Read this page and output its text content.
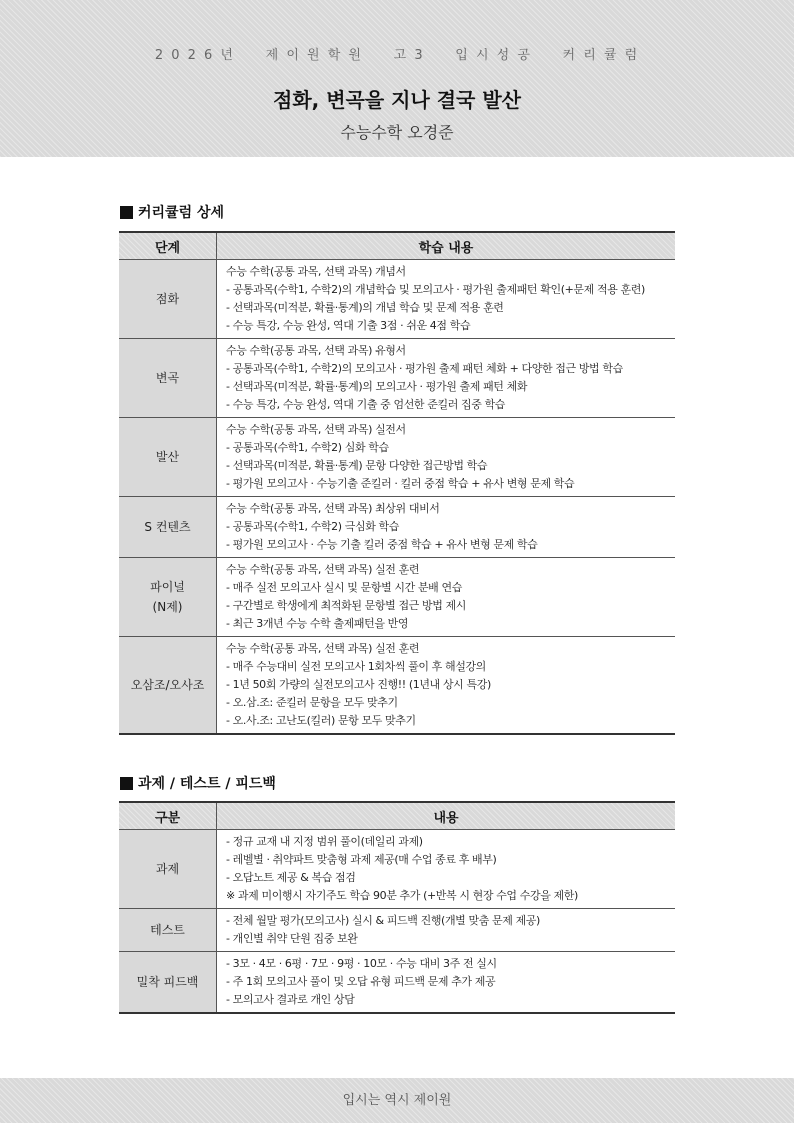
2 0 2 6 년     제 이 원 학 원     고 3     입 시 성 공     커 리 큘 럼
점화, 변곡을 지나 결국 발산
수능수학 오경준
커리큘럼 상세
단계	학습 내용
점화	수능 수학(공통 과목, 선택 과목) 개념서
- 공통과목(수학1, 수학2)의 개념학습 및 모의고사 · 평가원 출제패턴 확인(+문제 적용 훈련)
- 선택과목(미적분, 확률·통계)의 개념 학습 및 문제 적용 훈련
- 수능 특강, 수능 완성, 역대 기출 3점 · 쉬운 4점 학습

변곡	수능 수학(공통 과목, 선택 과목) 유형서
- 공통과목(수학1, 수학2)의 모의고사 · 평가원 출제 패턴 체화 + 다양한 접근 방법 학습
- 선택과목(미적분, 확률·통계)의 모의고사 · 평가원 출제 패턴 체화
- 수능 특강, 수능 완성, 역대 기출 중 엄선한 준킬러 집중 학습

발산	수능 수학(공통 과목, 선택 과목) 실전서
- 공통과목(수학1, 수학2) 심화 학습
- 선택과목(미적분, 확률·통계) 문항 다양한 접근방법 학습
- 평가원 모의고사 · 수능기출 준킬러 · 킬러 중점 학습 + 유사 변형 문제 학습

S 컨텐츠	수능 수학(공통 과목, 선택 과목) 최상위 대비서
- 공통과목(수학1, 수학2) 극심화 학습
- 평가원 모의고사 · 수능 기출 킬러 중점 학습 + 유사 변형 문제 학습

파이널
(N제)	수능 수학(공통 과목, 선택 과목) 실전 훈련
- 매주 실전 모의고사 실시 및 문항별 시간 분배 연습
- 구간별로 학생에게 최적화된 문항별 접근 방법 제시
- 최근 3개년 수능 수학 출제패턴을 반영

오삼조/오사조	수능 수학(공통 과목, 선택 과목) 실전 훈련
- 매주 수능대비 실전 모의고사 1회차씩 풀이 후 해설강의
- 1년 50회 가량의 실전모의고사 진행!! (1년내 상시 특강)
- 오.삼.조: 준킬러 문항을 모두 맞추기
- 오.사.조: 고난도(킬러) 문항 모두 맞추기
과제 / 테스트 / 피드백
구분	내용
과제	- 정규 교재 내 지정 범위 풀이(데일리 과제)
- 레벨별 · 취약파트 맞춤형 과제 제공(매 수업 종료 후 배부)
- 오답노트 제공 & 복습 점검
※ 과제 미이행시 자기주도 학습 90분 추가 (+반복 시 현장 수업 수강을 제한)

테스트	- 전체 월말 평가(모의고사) 실시 & 피드백 진행(개별 맞춤 문제 제공)
- 개인별 취약 단원 집중 보완

밀착 피드백	- 3모 · 4모 · 6평 · 7모 · 9평 · 10모 · 수능 대비 3주 전 실시
- 주 1회 모의고사 풀이 및 오답 유형 피드백 문제 추가 제공
- 모의고사 결과로 개인 상담
입시는 역시 제이원
